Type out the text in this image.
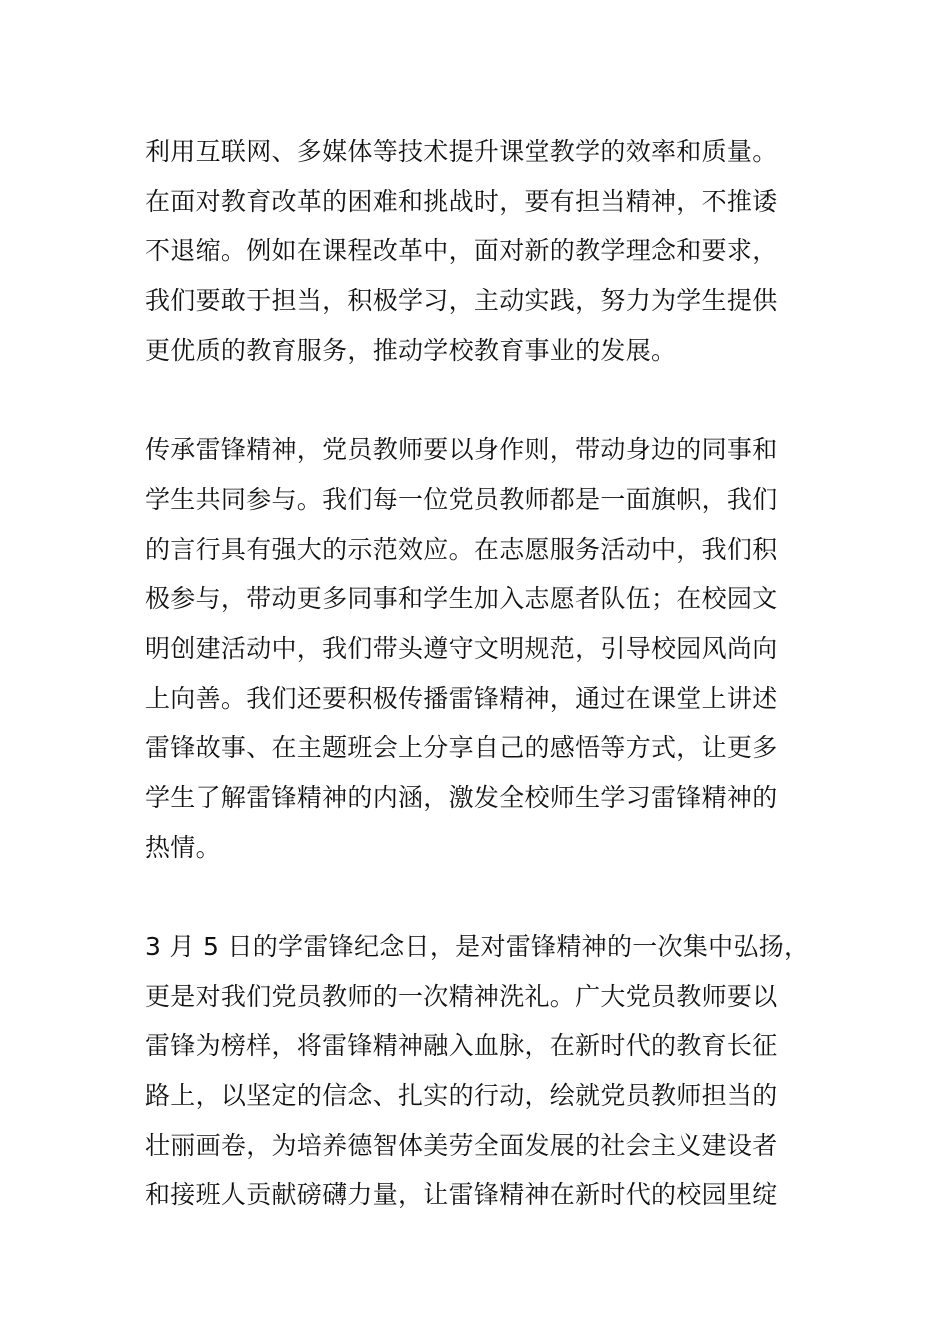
利用互联网、多媒体等技术提升课堂教学的效率和质量。
在面对教育改革的困难和挑战时，要有担当精神，不推诿
不退缩。例如在课程改革中，面对新的教学理念和要求，
我们要敢于担当，积极学习，主动实践，努力为学生提供
更优质的教育服务，推动学校教育事业的发展。
传承雷锋精神，党员教师要以身作则，带动身边的同事和
学生共同参与。我们每一位党员教师都是一面旗帜，我们
的言行具有强大的示范效应。在志愿服务活动中，我们积
极参与，带动更多同事和学生加入志愿者队伍；在校园文
明创建活动中，我们带头遵守文明规范，引导校园风尚向
上向善。我们还要积极传播雷锋精神，通过在课堂上讲述
雷锋故事、在主题班会上分享自己的感悟等方式，让更多
学生了解雷锋精神的内涵，激发全校师生学习雷锋精神的
热情。
3 月 5 日的学雷锋纪念日，是对雷锋精神的一次集中弘扬，
更是对我们党员教师的一次精神洗礼。广大党员教师要以
雷锋为榜样，将雷锋精神融入血脉，在新时代的教育长征
路上，以坚定的信念、扎实的行动，绘就党员教师担当的
壮丽画卷，为培养德智体美劳全面发展的社会主义建设者
和接班人贡献磅礴力量，让雷锋精神在新时代的校园里绽
